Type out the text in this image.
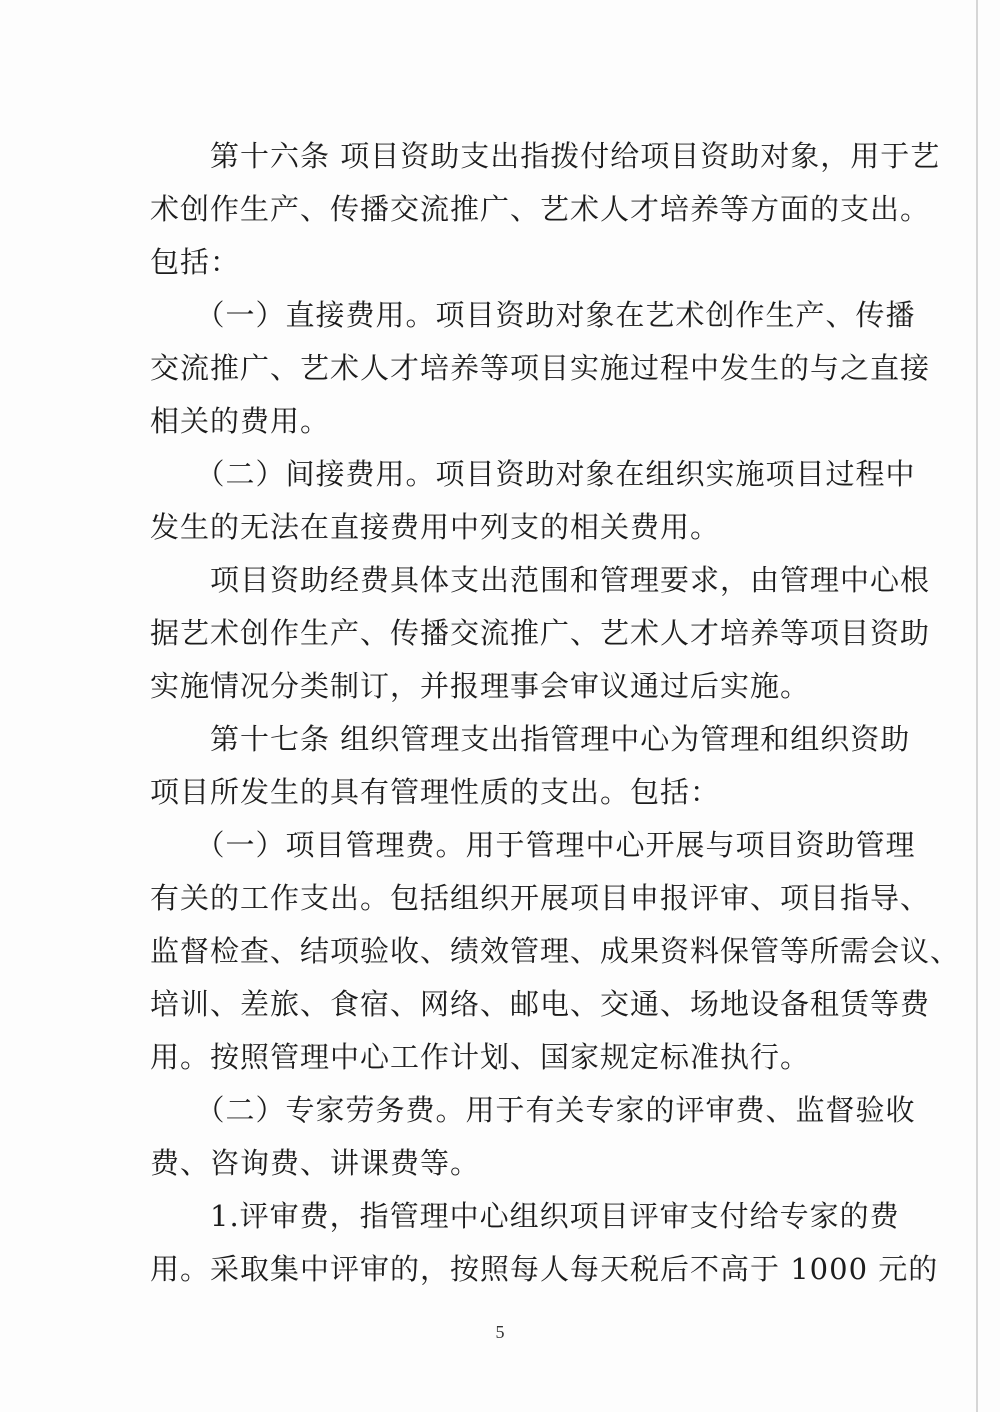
　　第十六条 项目资助支出指拨付给项目资助对象，用于艺
术创作生产、传播交流推广、艺术人才培养等方面的支出。
包括：
　　（一）直接费用。项目资助对象在艺术创作生产、传播
交流推广、艺术人才培养等项目实施过程中发生的与之直接
相关的费用。
　　（二）间接费用。项目资助对象在组织实施项目过程中
发生的无法在直接费用中列支的相关费用。
　　项目资助经费具体支出范围和管理要求，由管理中心根
据艺术创作生产、传播交流推广、艺术人才培养等项目资助
实施情况分类制订，并报理事会审议通过后实施。
　　第十七条 组织管理支出指管理中心为管理和组织资助
项目所发生的具有管理性质的支出。包括：
　　（一）项目管理费。用于管理中心开展与项目资助管理
有关的工作支出。包括组织开展项目申报评审、项目指导、
监督检查、结项验收、绩效管理、成果资料保管等所需会议、
培训、差旅、食宿、网络、邮电、交通、场地设备租赁等费
用。按照管理中心工作计划、国家规定标准执行。
　　（二）专家劳务费。用于有关专家的评审费、监督验收
费、咨询费、讲课费等。
　　1.评审费，指管理中心组织项目评审支付给专家的费
用。采取集中评审的，按照每人每天税后不高于 1000 元的
5
